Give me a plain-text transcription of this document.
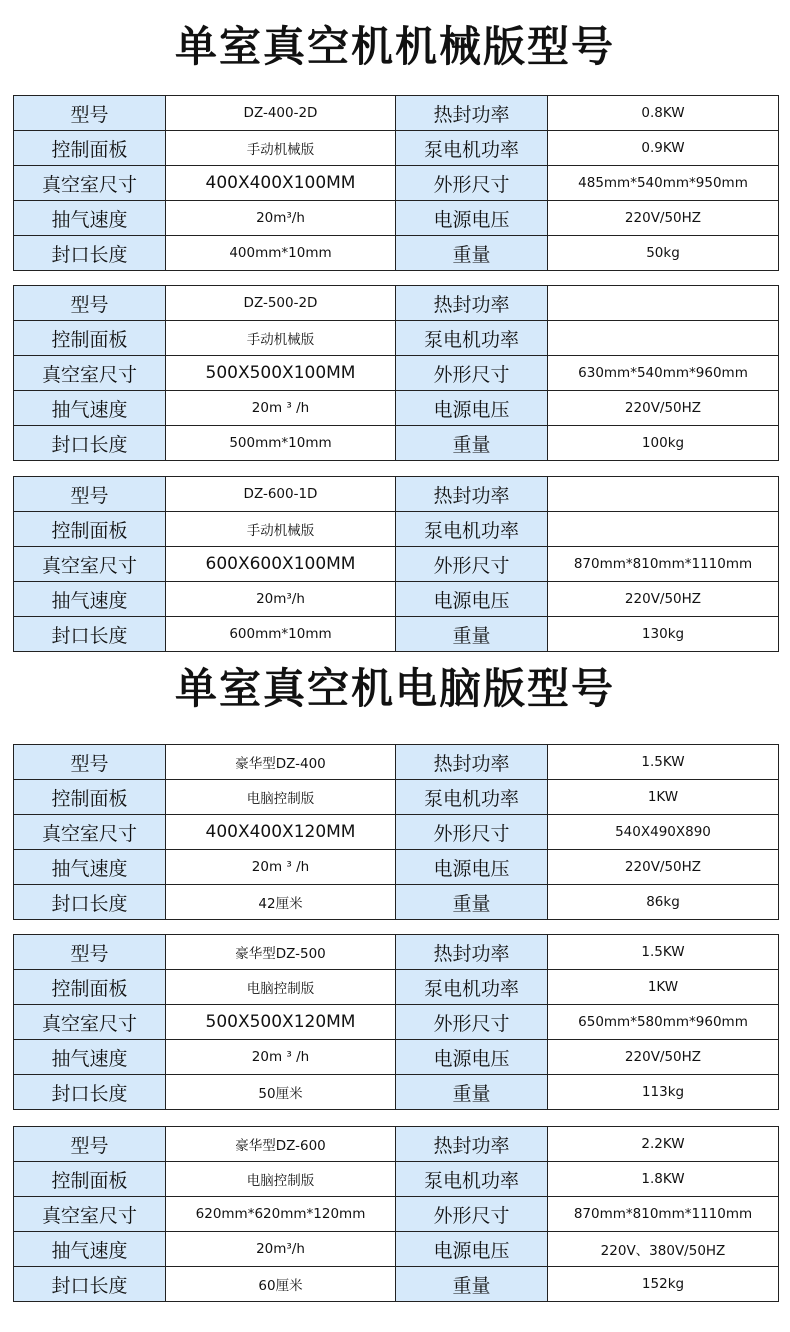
单室真空机机械版型号
单室真空机电脑版型号
型号	DZ-400-2D	热封功率	0.8KW
控制面板	手动机械版	泵电机功率	0.9KW
真空室尺寸	400X400X100MM	外形尺寸	485mm*540mm*950mm
抽气速度	20m³/h	电源电压	220V/50HZ
封口长度	400mm*10mm	重量	50kg
型号	DZ-500-2D	热封功率	
控制面板	手动机械版	泵电机功率	
真空室尺寸	500X500X100MM	外形尺寸	630mm*540mm*960mm
抽气速度	20m ³ /h	电源电压	220V/50HZ
封口长度	500mm*10mm	重量	100kg
型号	DZ-600-1D	热封功率	
控制面板	手动机械版	泵电机功率	
真空室尺寸	600X600X100MM	外形尺寸	870mm*810mm*1110mm
抽气速度	20m³/h	电源电压	220V/50HZ
封口长度	600mm*10mm	重量	130kg
型号	豪华型DZ-400	热封功率	1.5KW
控制面板	电脑控制版	泵电机功率	1KW
真空室尺寸	400X400X120MM	外形尺寸	540X490X890
抽气速度	20m ³ /h	电源电压	220V/50HZ
封口长度	42厘米	重量	86kg
型号	豪华型DZ-500	热封功率	1.5KW
控制面板	电脑控制版	泵电机功率	1KW
真空室尺寸	500X500X120MM	外形尺寸	650mm*580mm*960mm
抽气速度	20m ³ /h	电源电压	220V/50HZ
封口长度	50厘米	重量	113kg
型号	豪华型DZ-600	热封功率	2.2KW
控制面板	电脑控制版	泵电机功率	1.8KW
真空室尺寸	620mm*620mm*120mm	外形尺寸	870mm*810mm*1110mm
抽气速度	20m³/h	电源电压	220V、380V/50HZ
封口长度	60厘米	重量	152kg
